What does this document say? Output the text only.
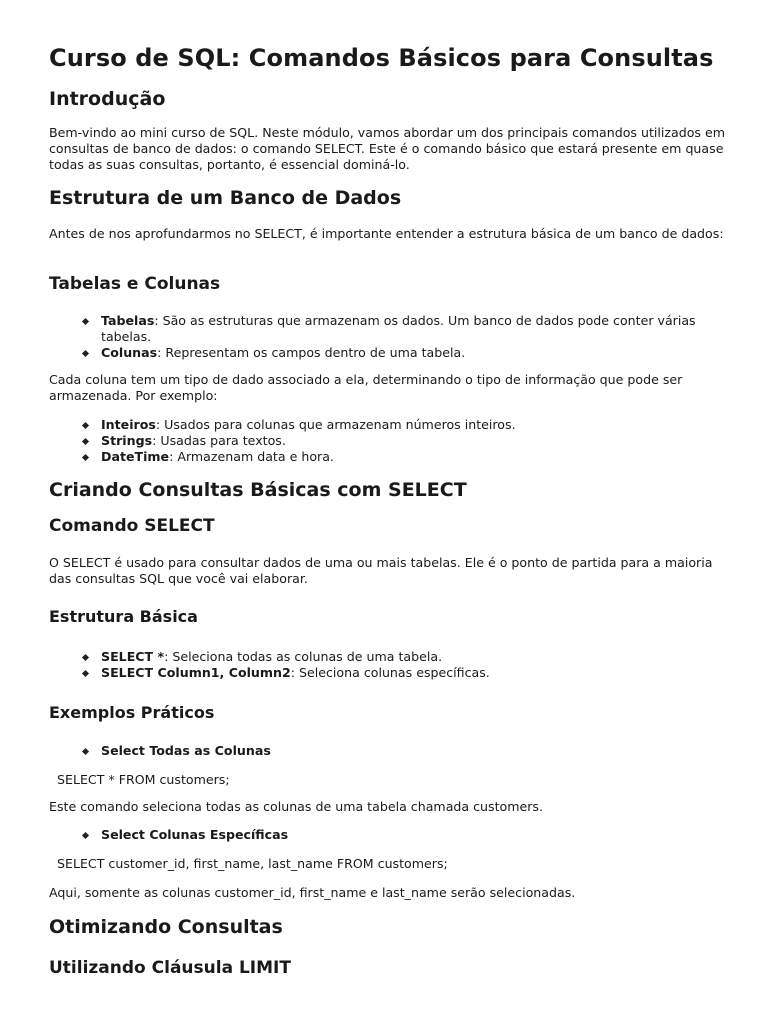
Curso de SQL: Comandos Básicos para Consultas
Introdução

Bem-vindo ao mini curso de SQL. Neste módulo, vamos abordar um dos principais comandos utilizados em consultas de banco de dados: o comando SELECT. Este é o comando básico que estará presente em quase todas as suas consultas, portanto, é essencial dominá-lo.

Estrutura de um Banco de Dados

Antes de nos aprofundarmos no SELECT, é importante entender a estrutura básica de um banco de dados:

Tabelas e Colunas
Tabelas: São as estruturas que armazenam os dados. Um banco de dados pode conter várias tabelas.
Colunas: Representam os campos dentro de uma tabela.

Cada coluna tem um tipo de dado associado a ela, determinando o tipo de informação que pode ser armazenada. Por exemplo:

Inteiros: Usados para colunas que armazenam números inteiros.
Strings: Usadas para textos.
DateTime: Armazenam data e hora.
Criando Consultas Básicas com SELECT
Comando SELECT

O SELECT é usado para consultar dados de uma ou mais tabelas. Ele é o ponto de partida para a maioria das consultas SQL que você vai elaborar.

Estrutura Básica
SELECT *: Seleciona todas as colunas de uma tabela.
SELECT Column1, Column2: Seleciona colunas específicas.
Exemplos Práticos
Select Todas as Colunas
SELECT * FROM customers;

Este comando seleciona todas as colunas de uma tabela chamada customers.

Select Colunas Específicas
SELECT customer_id, first_name, last_name FROM customers;

Aqui, somente as colunas customer_id, first_name e last_name serão selecionadas.

Otimizando Consultas
Utilizando Cláusula LIMIT
